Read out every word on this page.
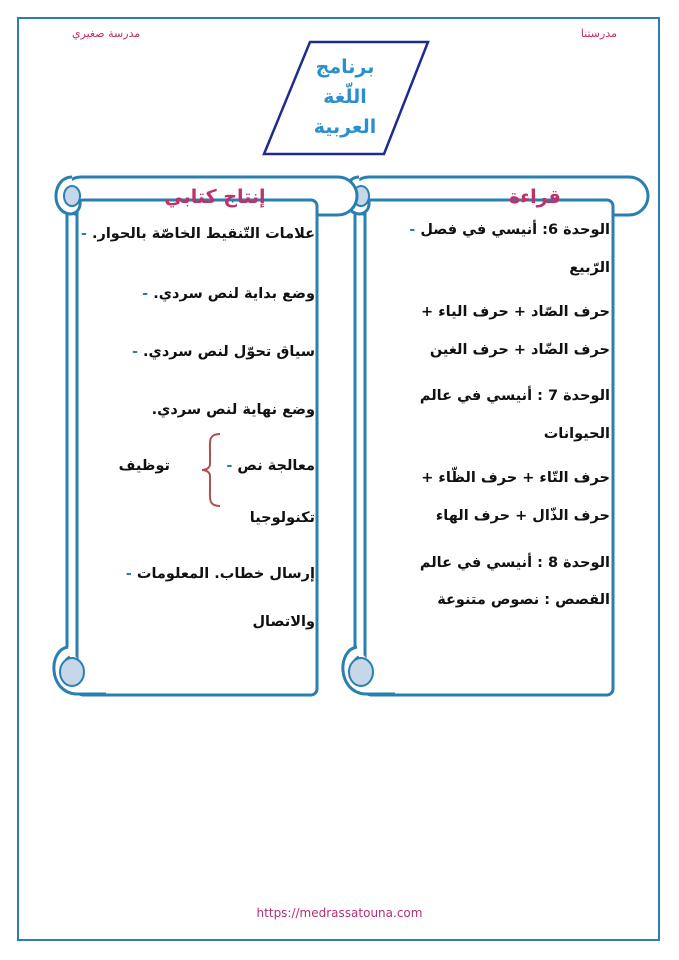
مدرسة صغيري	مدرستنا
برنامج
اللّغة
العربية
قراءة
الوحدة 6: أنيسي في فصل -
الرّبيع
حرف الصّاد + حرف الياء +
حرف الضّاد + حرف الغين
الوحدة 7 : أنيسي في عالم
الحيوانات
حرف التّاء + حرف الظّاء +
حرف الذّال + حرف الهاء
الوحدة 8 : أنيسي في عالم
القصص : نصوص متنوعة
إنتاج كتابي
علامات التّنقيط الخاصّة بالحوار. -
وضع بداية لنص سردي. -
سياق تحوّل لنص سردي. -
وضع نهاية لنص سردي.
معالجة نص -
توظيف
تكنولوجيا
إرسال خطاب. المعلومات -
والاتصال
https://medrassatouna.com
